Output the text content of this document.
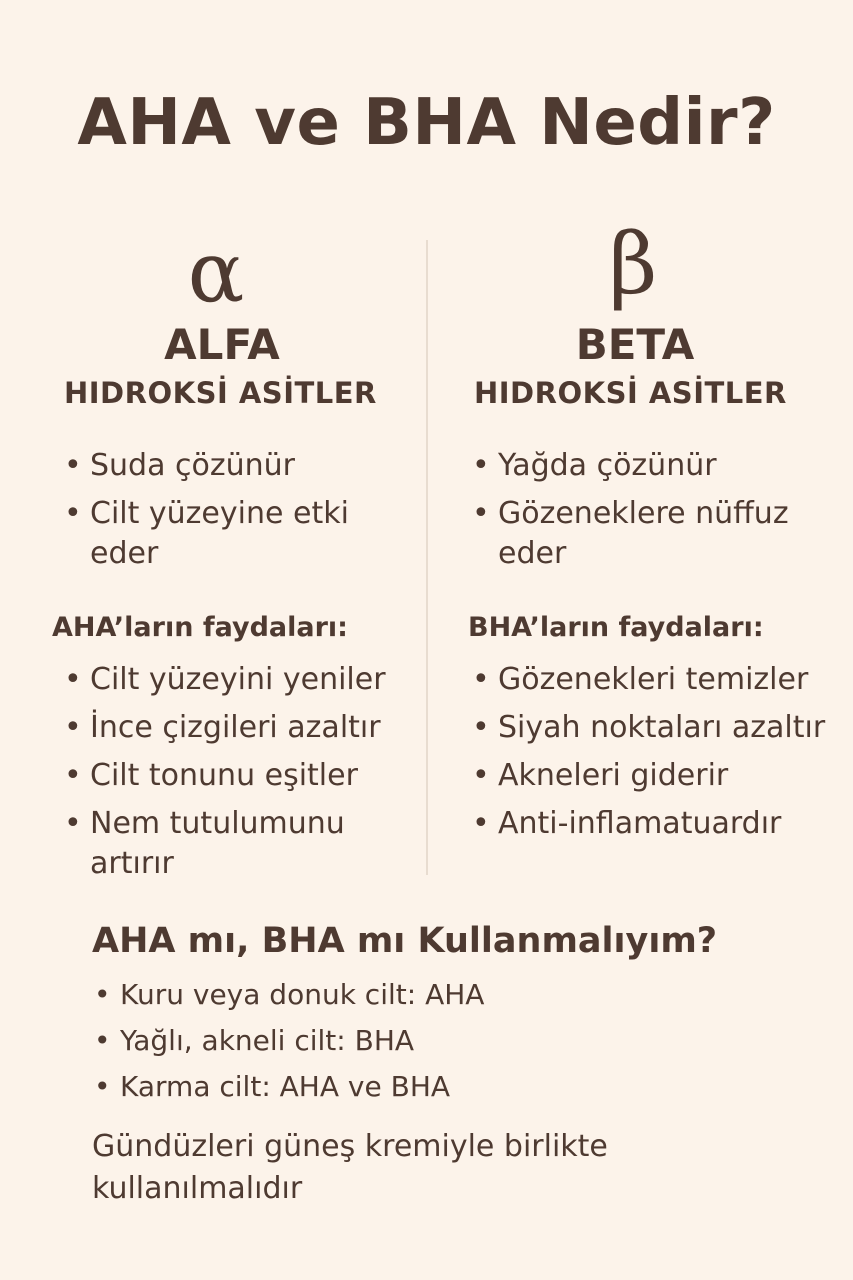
AHA ve BHA Nedir?
α
ALFA
HIDROKSİ ASİTLER
• Suda çözünür
• Cilt yüzeyine etki eder
AHA’ların faydaları:
• Cilt yüzeyini yeniler
• İnce çizgileri azaltır
• Cilt tonunu eşitler
• Nem tutulumunu artırır
β
BETA
HIDROKSİ ASİTLER
• Yağda çözünür
• Gözeneklere nüffuz eder
BHA’ların faydaları:
• Gözenekleri temizler
• Siyah noktaları azaltır
• Akneleri giderir
• Anti-inflamatuardır
AHA mı, BHA mı Kullanmalıyım?
• Kuru veya donuk cilt: AHA
• Yağlı, akneli cilt: BHA
• Karma cilt: AHA ve BHA
Gündüzleri güneş kremiyle birlikte kullanılmalıdır
